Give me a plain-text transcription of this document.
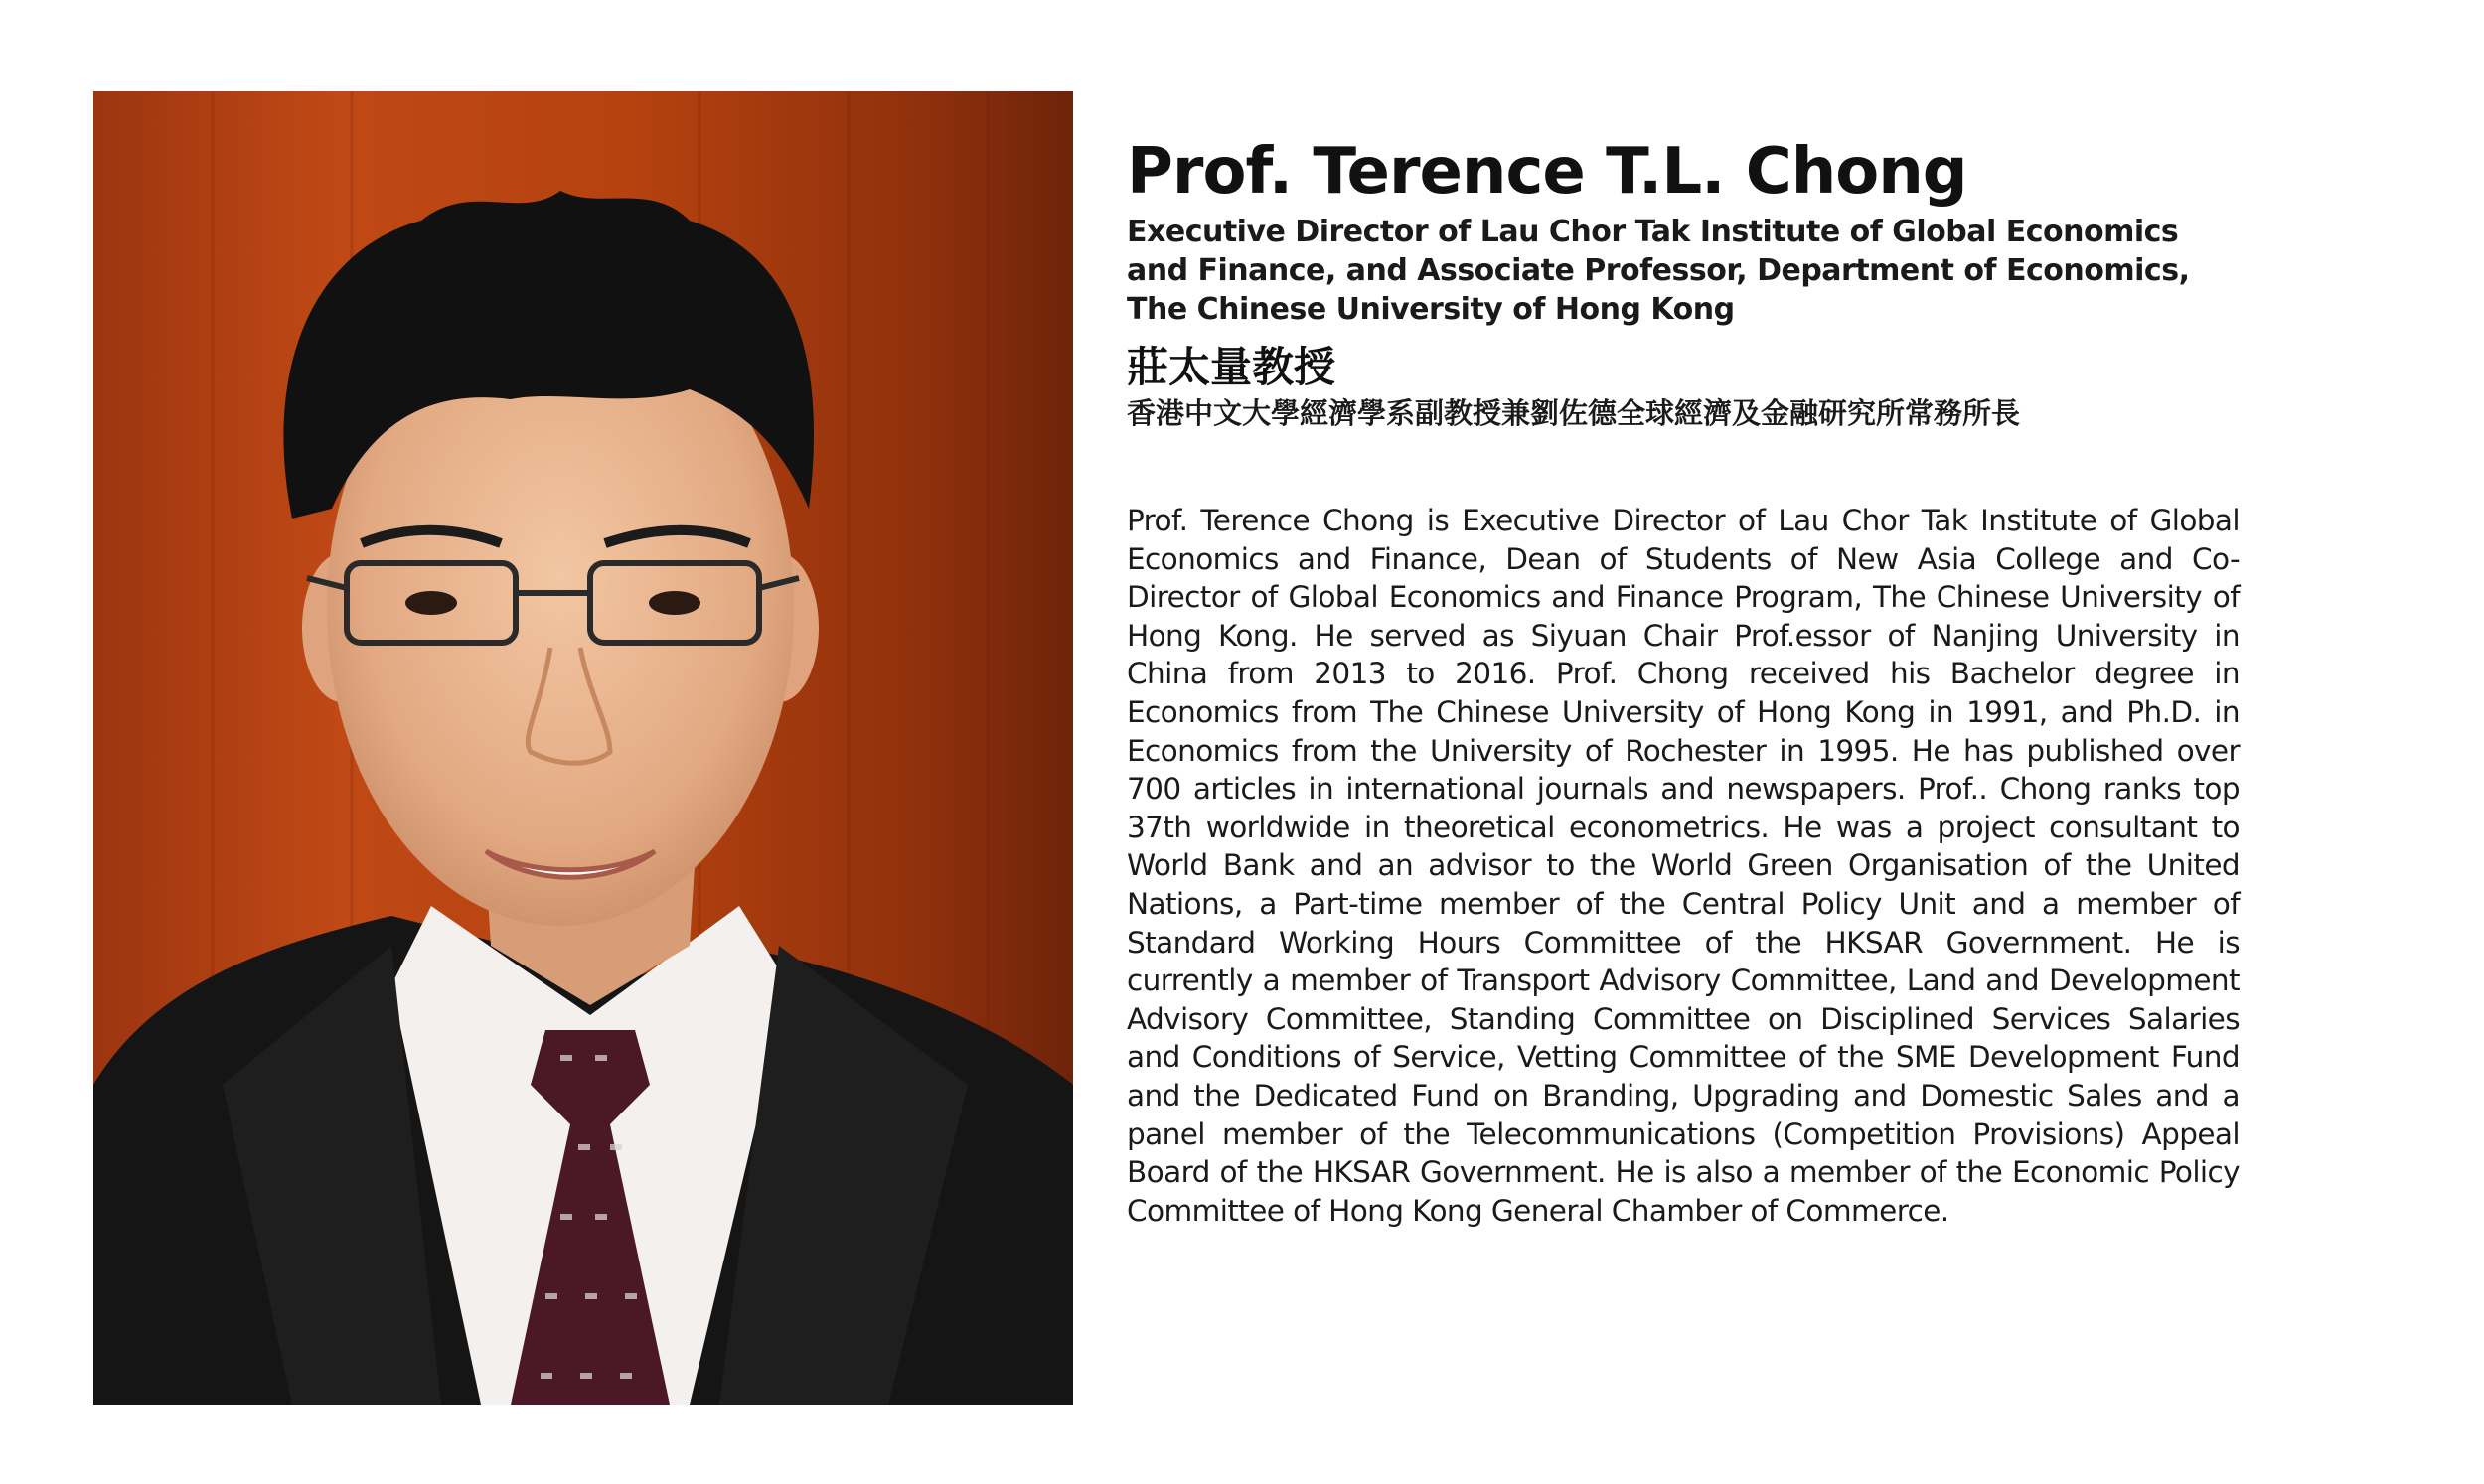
Prof. Terence T.L. Chong

Executive Director of Lau Chor Tak Institute of Global Economics and Finance, and Associate Professor, Department of Economics, The Chinese University of Hong Kong

莊太量教授

香港中文大學經濟學系副教授兼劉佐德全球經濟及金融研究所常務所長

Prof. Terence Chong is Executive Director of Lau Chor Tak Institute of Global Economics and Finance, Dean of Students of New Asia College and Co-Director of Global Economics and Finance Program, The Chinese University of Hong Kong. He served as Siyuan Chair Prof.essor of Nanjing University in China from 2013 to 2016. Prof. Chong received his Bachelor degree in Economics from The Chinese University of Hong Kong in 1991, and Ph.D. in Economics from the University of Rochester in 1995. He has published over 700 articles in international journals and newspapers. Prof.. Chong ranks top 37th worldwide in theoretical econometrics. He was a project consultant to World Bank and an advisor to the World Green Organisation of the United Nations, a Part-time member of the Central Policy Unit and a member of Standard Working Hours Committee of the HKSAR Government. He is currently a member of Transport Advisory Committee, Land and Development Advisory Committee, Standing Committee on Disciplined Services Salaries and Conditions of Service, Vetting Committee of the SME Development Fund and the Dedicated Fund on Branding, Upgrading and Domestic Sales and a panel member of the Telecommunications (Competition Provisions) Appeal Board of the HKSAR Government. He is also a member of the Economic Policy Committee of Hong Kong General Chamber of Commerce.
